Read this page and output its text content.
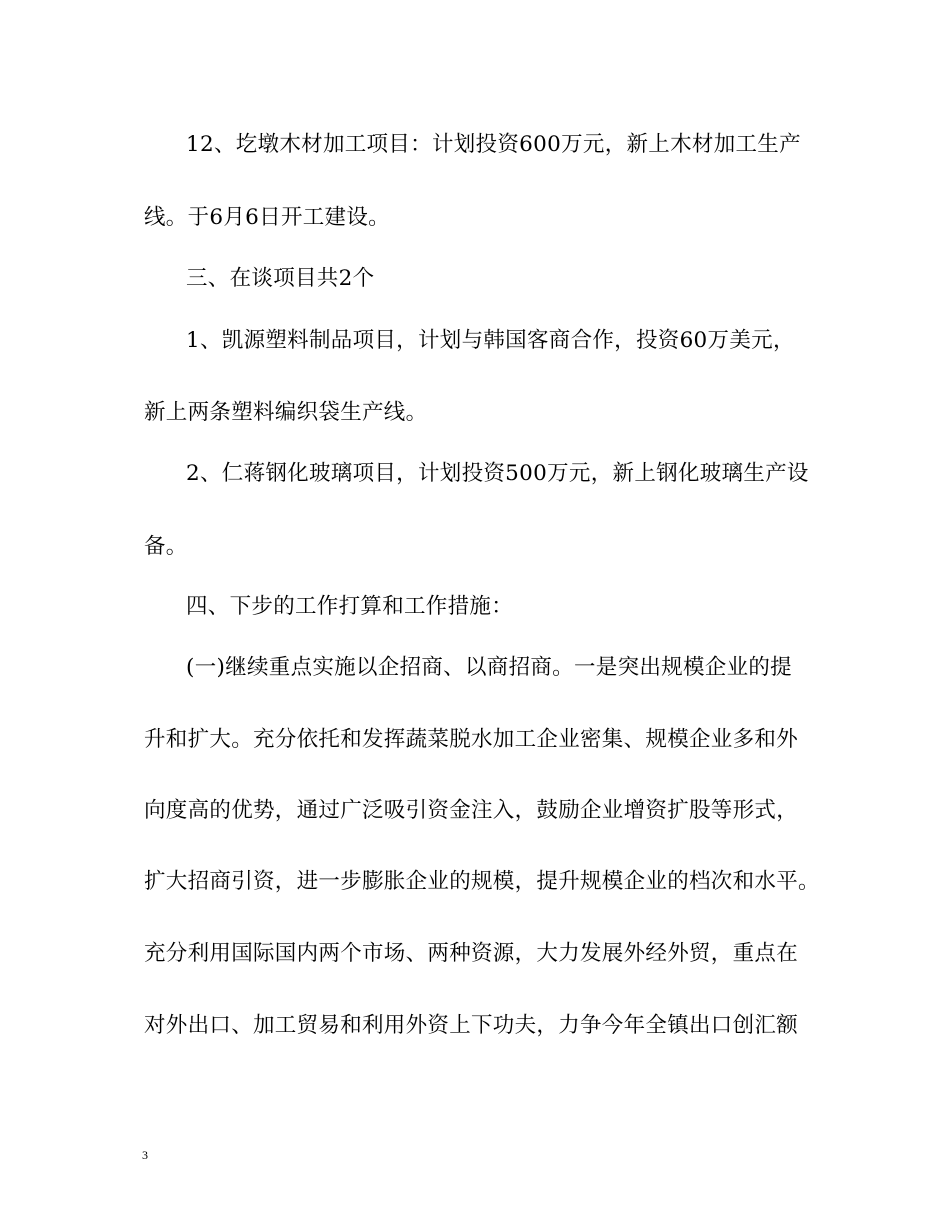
12、圪墩木材加工项目：计划投资600万元，新上木材加工生产
线。于6月6日开工建设。
三、在谈项目共2个
1、凯源塑料制品项目，计划与韩国客商合作，投资60万美元，
新上两条塑料编织袋生产线。
2、仁蒋钢化玻璃项目，计划投资500万元，新上钢化玻璃生产设
备。
四、下步的工作打算和工作措施：
(一)继续重点实施以企招商、以商招商。一是突出规模企业的提
升和扩大。充分依托和发挥蔬菜脱水加工企业密集、规模企业多和外
向度高的优势，通过广泛吸引资金注入，鼓励企业增资扩股等形式，
扩大招商引资，进一步膨胀企业的规模，提升规模企业的档次和水平。
充分利用国际国内两个市场、两种资源，大力发展外经外贸，重点在
对外出口、加工贸易和利用外资上下功夫，力争今年全镇出口创汇额
3
